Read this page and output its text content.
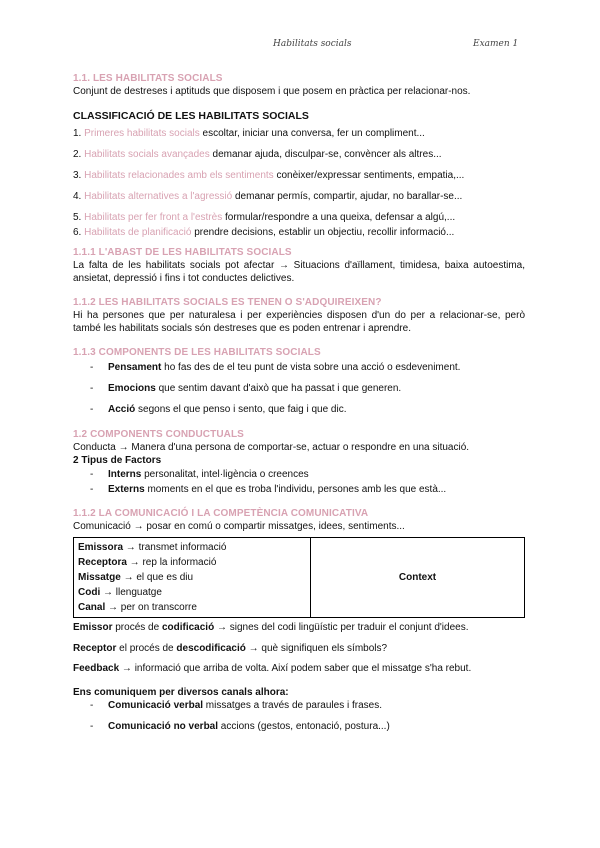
Habilitats socials	Examen 1
1.1. LES HABILITATS SOCIALS

Conjunt de destreses i aptituds que disposem i que posem en pràctica per relacionar-nos.

CLASSIFICACIÓ DE LES HABILITATS SOCIALS

1. Primeres habilitats socials escoltar, iniciar una conversa, fer un compliment...

2. Habilitats socials avançades demanar ajuda, disculpar-se, convèncer als altres...

3. Habilitats relacionades amb els sentiments conèixer/expressar sentiments, empatia,...

4. Habilitats alternatives a l'agressió demanar permís, compartir, ajudar, no barallar-se...

5. Habilitats per fer front a l'estrès formular/respondre a una queixa, defensar a algú,...

6. Habilitats de planificació prendre decisions, establir un objectiu, recollir informació...

1.1.1 L'ABAST DE LES HABILITATS SOCIALS

La falta de les habilitats socials pot afectar → Situacions d'aïllament, timidesa, baixa autoestima, ansietat, depressió i fins i tot conductes delictives.

1.1.2 LES HABILITATS SOCIALS ES TENEN O S'ADQUIREIXEN?

Hi ha persones que per naturalesa i per experiències disposen d'un do per a relacionar-se, però també les habilitats socials són destreses que es poden entrenar i aprendre.

1.1.3 COMPONENTS DE LES HABILITATS SOCIALS
- Pensament ho fas des de el teu punt de vista sobre una acció o esdeveniment.
- Emocions que sentim davant d'això que ha passat i que generen.
- Acció segons el que penso i sento, que faig i que dic.
1.2 COMPONENTS CONDUCTUALS

Conducta → Manera d'una persona de comportar-se, actuar o respondre en una situació.

2 Tipus de Factors

- Interns personalitat, intel·ligència o creences
- Externs moments en el que es troba l'individu, persones amb les que està...
1.1.2 LA COMUNICACIÓ I LA COMPETÈNCIA COMUNICATIVA

Comunicació → posar en comú o compartir missatges, idees, sentiments...

Emissora → transmet informació
Receptora → rep la informació
Missatge → el que es diu
Codi → llenguatge
Canal → per on transcorre
	Context

Emissor procés de codificació → signes del codi lingüístic per traduir el conjunt d'idees.

Receptor el procés de descodificació → què signifiquen els símbols?

Feedback → informació que arriba de volta. Així podem saber que el missatge s'ha rebut.

Ens comuniquem per diversos canals alhora:

- Comunicació verbal missatges a través de paraules i frases.
- Comunicació no verbal accions (gestos, entonació, postura...)
